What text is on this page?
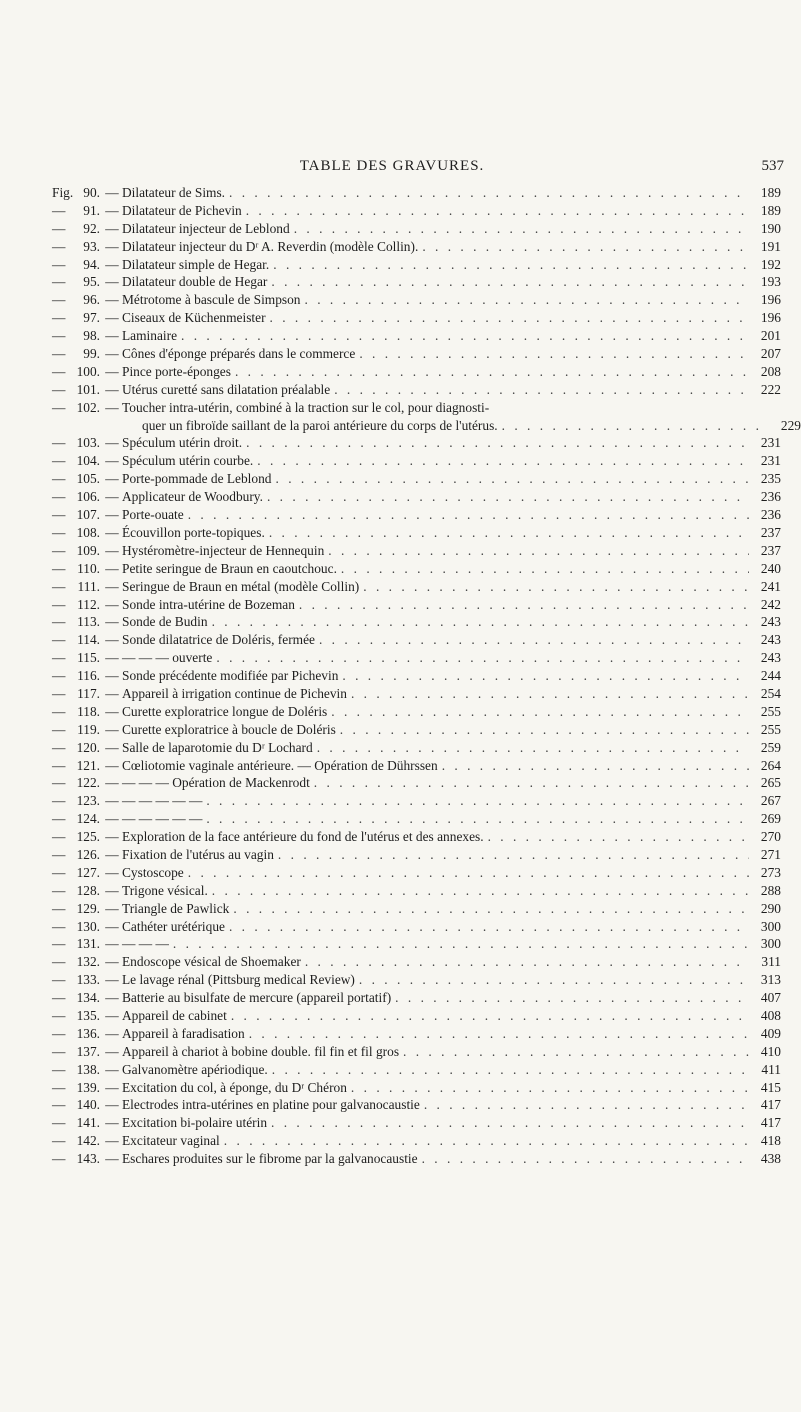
TABLE DES GRAVURES.	537
Fig. 90. — Dilatateur de Sims. . . .	189
—	91. — Dilatateur de Pichevin . . .	189
—	92. — Dilatateur injecteur de Leblond . . .	190
—	93. — Dilatateur injecteur du Dʳ A. Reverdin (modèle Collin). . . .	191
—	94. — Dilatateur simple de Hegar. . . .	192
—	95. — Dilatateur double de Hegar . . .	193
—	96. — Métrotome à bascule de Simpson . . .	196
—	97. — Ciseaux de Küchenmeister . . .	196
—	98. — Laminaire . . .	201
—	99. — Cônes d'éponge préparés dans le commerce . . .	207
— 100. — Pince porte-éponges . . .	208
— 101. — Utérus curetté sans dilatation préalable . . .	222
— 102. — Toucher intra-utérin, combiné à la traction sur le col, pour diagnosti-
quer un fibroïde saillant de la paroi antérieure du corps de l'utérus. . . .	229
— 103. — Spéculum utérin droit. . . .	231
— 104. — Spéculum utérin courbe. . . .	231
— 105. — Porte-pommade de Leblond . . .	235
— 106. — Applicateur de Woodbury. . . .	236
— 107. — Porte-ouate . . .	236
— 108. — Écouvillon porte-topiques. . . .	237
— 109. — Hystéromètre-injecteur de Hennequin . . .	237
— 110. — Petite seringue de Braun en caoutchouc. . . .	240
— 111. — Seringue de Braun en métal (modèle Collin) . . .	241
— 112. — Sonde intra-utérine de Bozeman . . .	242
— 113. — Sonde de Budin . . .	243
— 114. — Sonde dilatatrice de Doléris, fermée . . .	243
— 115. — — — — ouverte . . .	243
— 116. — Sonde précédente modifiée par Pichevin . . .	244
— 117. — Appareil à irrigation continue de Pichevin . . .	254
— 118. — Curette exploratrice longue de Doléris . . .	255
— 119. — Curette exploratrice à boucle de Doléris . . .	255
— 120. — Salle de laparotomie du Dʳ Lochard . . .	259
— 121. — Cœliotomie vaginale antérieure. — Opération de Dührssen . . .	264
— 122. — — — — Opération de Mackenrodt . . .	265
— 123. — — — — — — . . .	267
— 124. — — — — — — . . .	269
— 125. — Exploration de la face antérieure du fond de l'utérus et des annexes. . . .	270
— 126. — Fixation de l'utérus au vagin . . .	271
— 127. — Cystoscope . . .	273
— 128. — Trigone vésical. . . .	288
— 129. — Triangle de Pawlick . . .	290
— 130. — Cathéter urétérique . . .	300
— 131. — — — — . . .	300
— 132. — Endoscope vésical de Shoemaker . . .	311
— 133. — Le lavage rénal (Pittsburg medical Review) . . .	313
— 134. — Batterie au bisulfate de mercure (appareil portatif) . . .	407
— 135. — Appareil de cabinet . . .	408
— 136. — Appareil à faradisation . . .	409
— 137. — Appareil à chariot à bobine double. fil fin et fil gros . . .	410
— 138. — Galvanomètre apériodique. . . .	411
— 139. — Excitation du col, à éponge, du Dʳ Chéron . . .	415
— 140. — Electrodes intra-utérines en platine pour galvanocaustie . . .	417
— 141. — Excitation bi-polaire utérin . . .	417
— 142. — Excitateur vaginal . . .	418
— 143. — Eschares produites sur le fibrome par la galvanocaustie . . .	438
